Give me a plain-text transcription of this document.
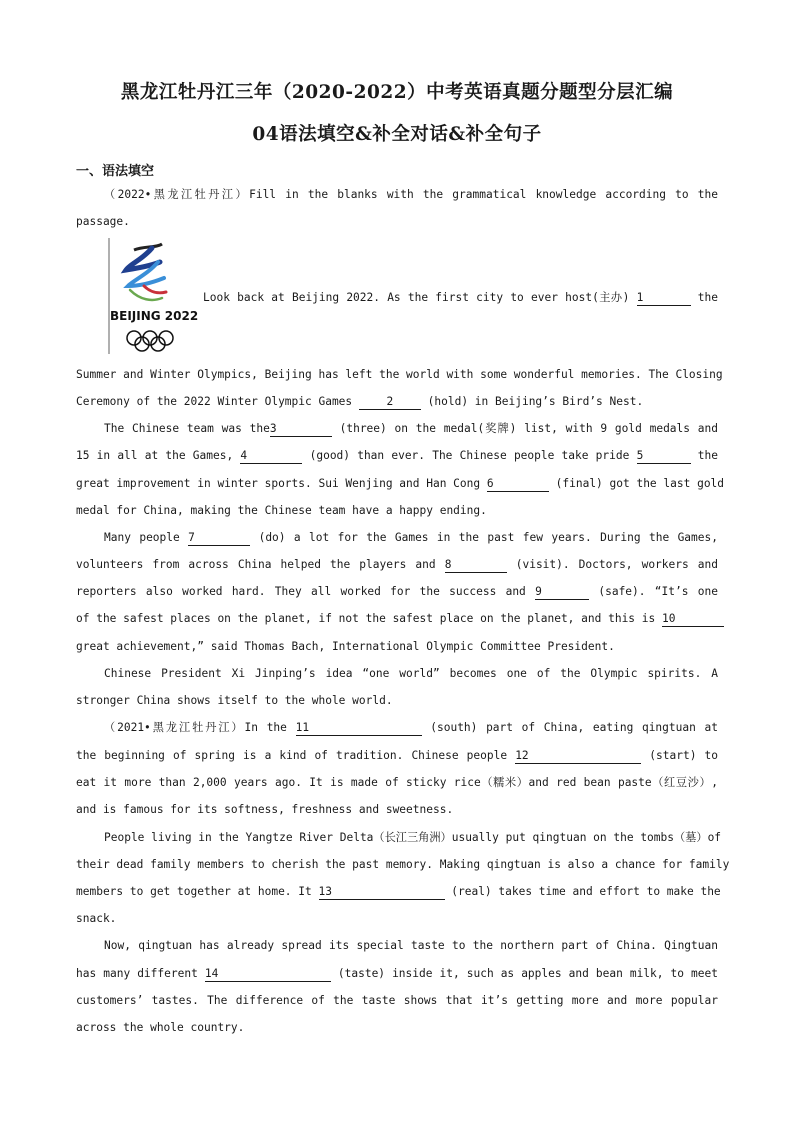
黑龙江牡丹江三年（2020-2022）中考英语真题分题型分层汇编
04语法填空&补全对话&补全句子
一、语法填空
（2022•黑龙江牡丹江）Fill in the blanks with the grammatical knowledge according to the
passage.
BEIJING 2022
Look back at Beijing 2022. As the first city to ever host(主办) 1	the
Summer and Winter Olympics, Beijing has left the world with some wonderful memories. The Closing
Ceremony of the 2022 Winter Olympic Games	2	(hold) in Beijing’s Bird’s Nest.
The Chinese team was the3	(three) on the medal(奖牌) list, with 9 gold medals and
15 in all at the Games, 4	(good) than ever. The Chinese people take pride 5	the
great improvement in winter sports. Sui Wenjing and Han Cong 6	(final) got the last gold
medal for China, making the Chinese team have a happy ending.
Many people 7	(do) a lot for the Games in the past few years. During the Games,
volunteers from across China helped the players and 8	(visit). Doctors, workers and
reporters also worked hard. They all worked for the success and 9	(safe). “It’s one
of the safest places on the planet, if not the safest place on the planet, and this is 10
great achievement,” said Thomas Bach, International Olympic Committee President.
Chinese President Xi Jinping’s idea “one world” becomes one of the Olympic spirits. A
stronger China shows itself to the whole world.
（2021•黑龙江牡丹江）In the 11	(south) part of China, eating qingtuan at
the beginning of spring is a kind of tradition. Chinese people 12	(start) to
eat it more than 2,000 years ago. It is made of sticky rice（糯米）and red bean paste（红豆沙）,
and is famous for its softness, freshness and sweetness.
People living in the Yangtze River Delta（长江三角洲）usually put qingtuan on the tombs（墓）of
their dead family members to cherish the past memory. Making qingtuan is also a chance for family
members to get together at home. It 13	(real) takes time and effort to make the
snack.
Now, qingtuan has already spread its special taste to the northern part of China. Qingtuan
has many different 14	(taste) inside it, such as apples and bean milk, to meet
customers’ tastes. The difference of the taste shows that it’s getting more and more popular
across the whole country.
